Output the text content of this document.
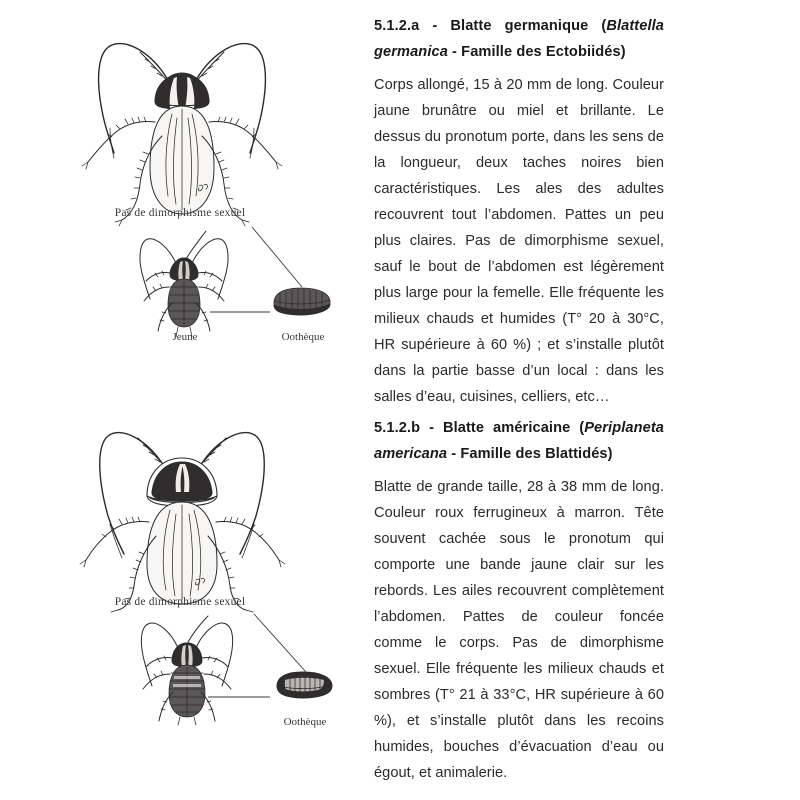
Pas de dimorphisme sexuel
Jeune	Oothèque
Pas de dimorphisme sexuel
Oothèque
5.1.2.a - Blatte germanique (Blattella germanica - Famille des Ectobiidés)

Corps allongé, 15 à 20 mm de long. Couleur jaune brunâtre ou miel et brillante. Le dessus du pronotum porte, dans les sens de la longueur, deux taches noires bien caractéristiques. Les ales des adultes recouvrent tout l’abdomen. Pattes un peu plus claires. Pas de dimorphisme sexuel, sauf le bout de l’abdomen est légèrement plus large pour la femelle. Elle fréquente les milieux chauds et humides (T° 20 à 30°C, HR supérieure à 60 %) ; et s’installe plutôt dans la partie basse d’un local : dans les salles d’eau, cuisines, celliers, etc…

5.1.2.b - Blatte américaine (Periplaneta americana - Famille des Blattidés)

Blatte de grande taille, 28 à 38 mm de long. Couleur roux ferrugineux à marron. Tête souvent cachée sous le pronotum qui comporte une bande jaune clair sur les rebords. Les ailes recouvrent complètement l’abdomen. Pattes de couleur foncée comme le corps. Pas de dimorphisme sexuel. Elle fréquente les milieux chauds et sombres (T° 21 à 33°C, HR supérieure à 60 %), et s’installe plutôt dans les recoins humides, bouches d’évacuation d’eau ou égout, et animalerie.
